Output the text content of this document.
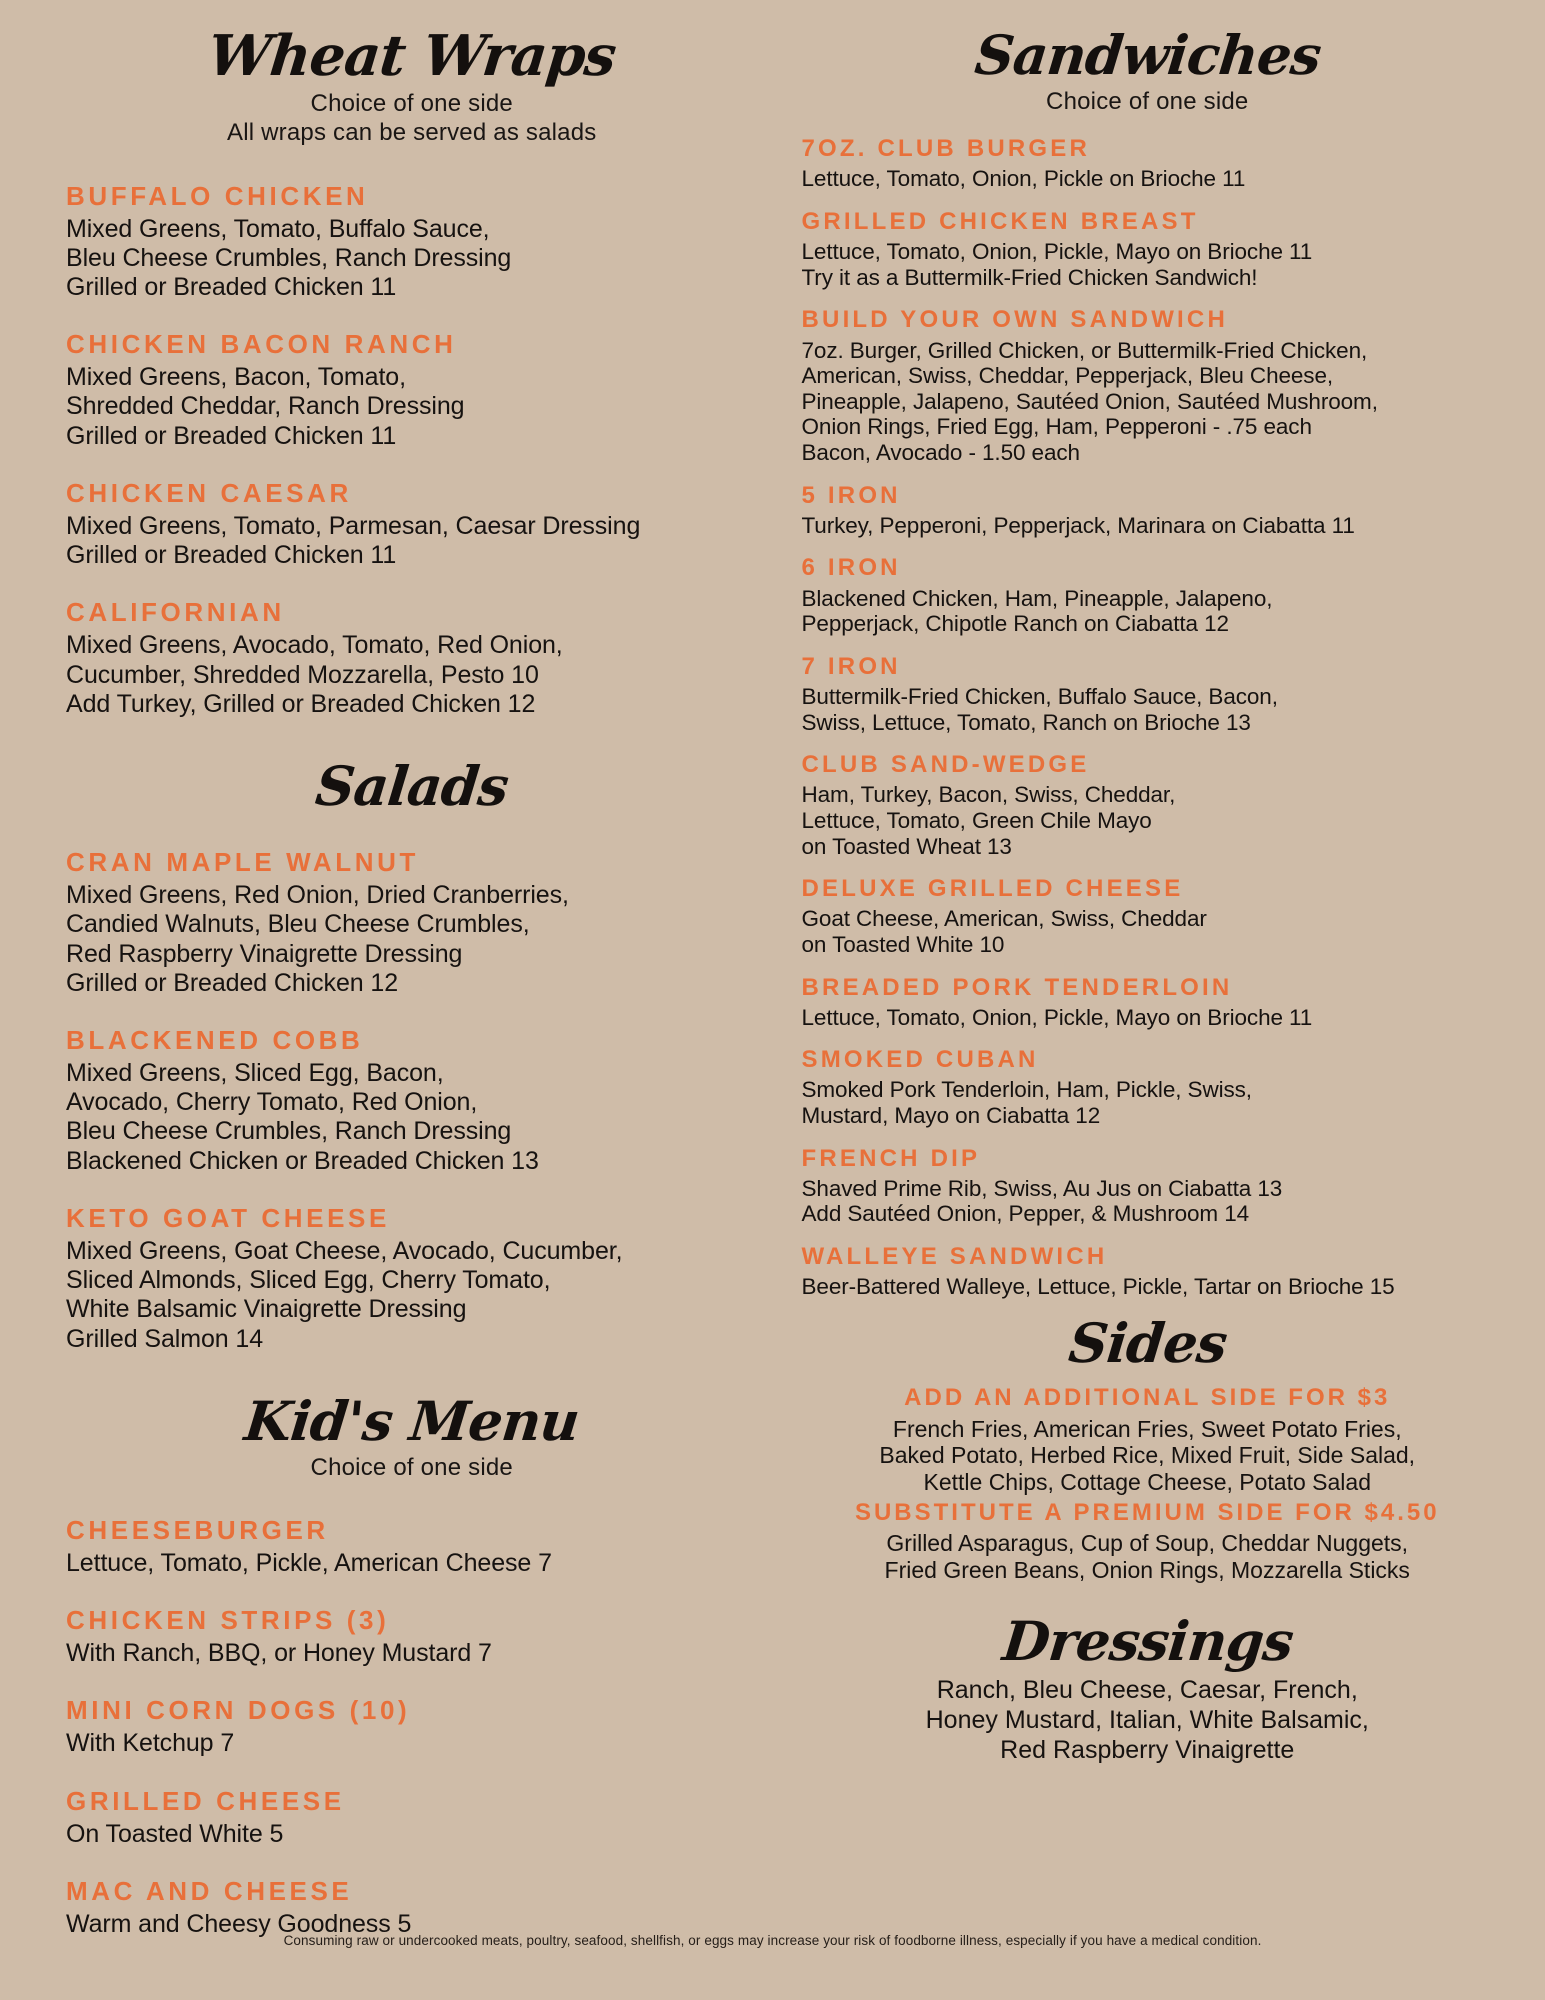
Wheat Wraps
Choice of one side
All wraps can be served as salads
BUFFALO CHICKEN
Mixed Greens, Tomato, Buffalo Sauce,
Bleu Cheese Crumbles, Ranch Dressing
Grilled or Breaded Chicken 11
CHICKEN BACON RANCH
Mixed Greens, Bacon, Tomato,
Shredded Cheddar, Ranch Dressing
Grilled or Breaded Chicken 11
CHICKEN CAESAR
Mixed Greens, Tomato, Parmesan, Caesar Dressing
Grilled or Breaded Chicken 11
CALIFORNIAN
Mixed Greens, Avocado, Tomato, Red Onion,
Cucumber, Shredded Mozzarella, Pesto 10
Add Turkey, Grilled or Breaded Chicken 12
Salads
CRAN MAPLE WALNUT
Mixed Greens, Red Onion, Dried Cranberries,
Candied Walnuts, Bleu Cheese Crumbles,
Red Raspberry Vinaigrette Dressing
Grilled or Breaded Chicken 12
BLACKENED COBB
Mixed Greens, Sliced Egg, Bacon,
Avocado, Cherry Tomato, Red Onion,
Bleu Cheese Crumbles, Ranch Dressing
Blackened Chicken or Breaded Chicken 13
KETO GOAT CHEESE
Mixed Greens, Goat Cheese, Avocado, Cucumber,
Sliced Almonds, Sliced Egg, Cherry Tomato,
White Balsamic Vinaigrette Dressing
Grilled Salmon 14
Kid's Menu
Choice of one side
CHEESEBURGER
Lettuce, Tomato, Pickle, American Cheese 7
CHICKEN STRIPS (3)
With Ranch, BBQ, or Honey Mustard 7
MINI CORN DOGS (10)
With Ketchup 7
GRILLED CHEESE
On Toasted White 5
MAC AND CHEESE
Warm and Cheesy Goodness 5
Sandwiches
Choice of one side
7OZ. CLUB BURGER
Lettuce, Tomato, Onion, Pickle on Brioche 11
GRILLED CHICKEN BREAST
Lettuce, Tomato, Onion, Pickle, Mayo on Brioche 11
Try it as a Buttermilk-Fried Chicken Sandwich!
BUILD YOUR OWN SANDWICH
7oz. Burger, Grilled Chicken, or Buttermilk-Fried Chicken,
American, Swiss, Cheddar, Pepperjack, Bleu Cheese,
Pineapple, Jalapeno, Sautéed Onion, Sautéed Mushroom,
Onion Rings, Fried Egg, Ham, Pepperoni - .75 each
Bacon, Avocado - 1.50 each
5 IRON
Turkey, Pepperoni, Pepperjack, Marinara on Ciabatta 11
6 IRON
Blackened Chicken, Ham, Pineapple, Jalapeno,
Pepperjack, Chipotle Ranch on Ciabatta 12
7 IRON
Buttermilk-Fried Chicken, Buffalo Sauce, Bacon,
Swiss, Lettuce, Tomato, Ranch on Brioche 13
CLUB SAND-WEDGE
Ham, Turkey, Bacon, Swiss, Cheddar,
Lettuce, Tomato, Green Chile Mayo
on Toasted Wheat 13
DELUXE GRILLED CHEESE
Goat Cheese, American, Swiss, Cheddar
on Toasted White 10
BREADED PORK TENDERLOIN
Lettuce, Tomato, Onion, Pickle, Mayo on Brioche 11
SMOKED CUBAN
Smoked Pork Tenderloin, Ham, Pickle, Swiss,
Mustard, Mayo on Ciabatta 12
FRENCH DIP
Shaved Prime Rib, Swiss, Au Jus on Ciabatta 13
Add Sautéed Onion, Pepper, & Mushroom 14
WALLEYE SANDWICH
Beer-Battered Walleye, Lettuce, Pickle, Tartar on Brioche 15
Sides
ADD AN ADDITIONAL SIDE FOR $3
French Fries, American Fries, Sweet Potato Fries,
Baked Potato, Herbed Rice, Mixed Fruit, Side Salad,
Kettle Chips, Cottage Cheese, Potato Salad
SUBSTITUTE A PREMIUM SIDE FOR $4.50
Grilled Asparagus, Cup of Soup, Cheddar Nuggets,
Fried Green Beans, Onion Rings, Mozzarella Sticks
Dressings
Ranch, Bleu Cheese, Caesar, French,
Honey Mustard, Italian, White Balsamic,
Red Raspberry Vinaigrette
Consuming raw or undercooked meats, poultry, seafood, shellfish, or eggs may increase your risk of foodborne illness, especially if you have a medical condition.
